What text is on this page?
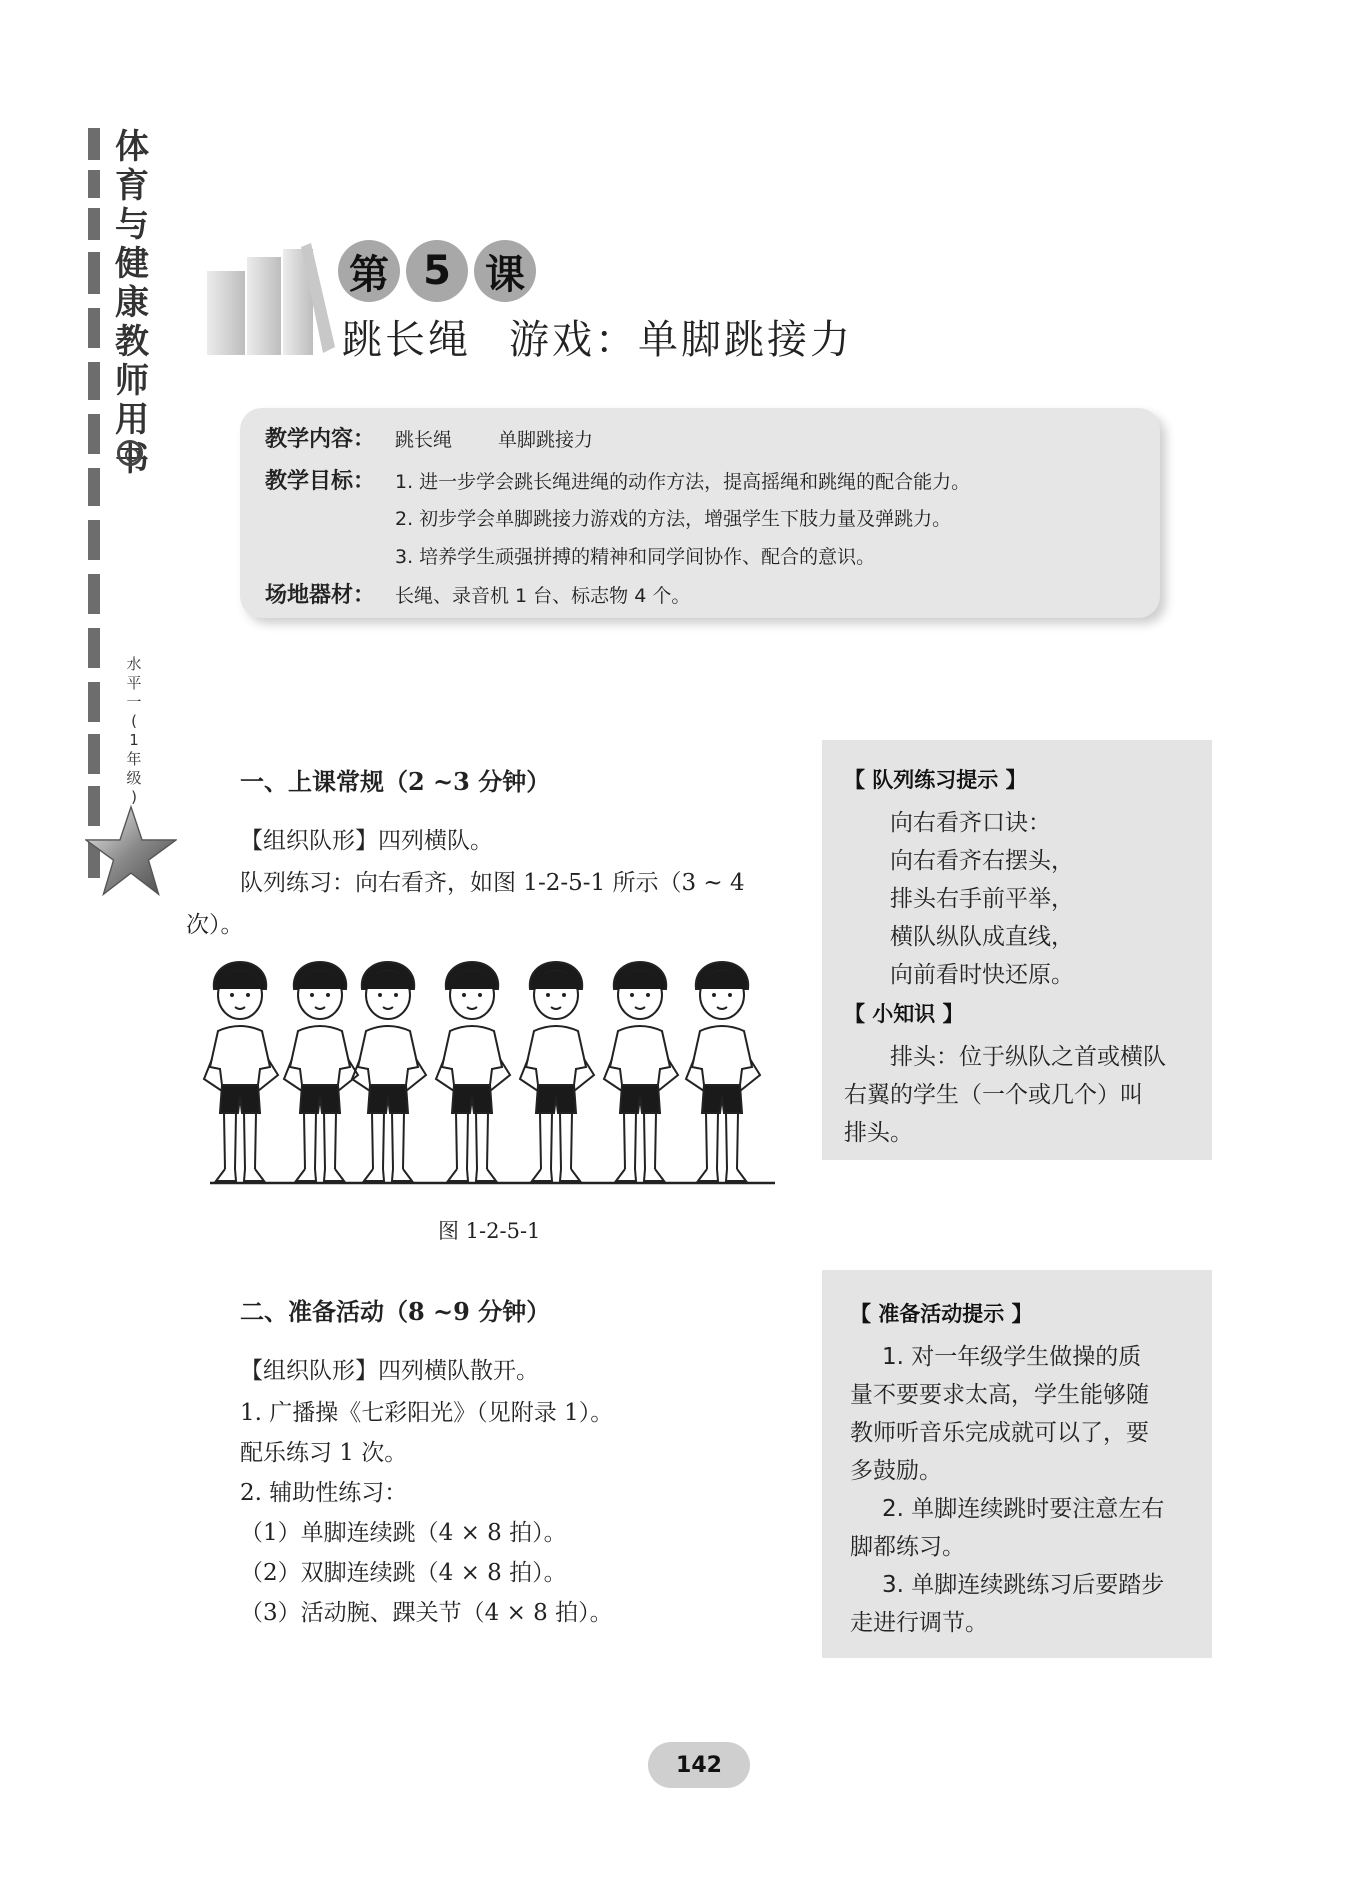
体
育
与
健
康
教
师
用
书
水
平
一
(
1
年
级
)
第 5 课
跳长绳 游戏：单脚跳接力
教学内容：	跳长绳 单脚跳接力
教学目标：	1. 进一步学会跳长绳进绳的动作方法，提高摇绳和跳绳的配合能力。
2. 初步学会单脚跳接力游戏的方法，增强学生下肢力量及弹跳力。
3. 培养学生顽强拼搏的精神和同学间协作、配合的意识。
场地器材：	长绳、录音机 1 台、标志物 4 个。
一、上课常规（2 ~3 分钟）
【组织队形】四列横队。
队列练习：向右看齐，如图 1-2-5-1 所示（3 ~ 4
次）。
图 1-2-5-1
二、准备活动（8 ~9 分钟）
【组织队形】四列横队散开。
1. 广播操《七彩阳光》（见附录 1）。
配乐练习 1 次。
2. 辅助性练习：
（1）单脚连续跳（4 × 8 拍）。
（2）双脚连续跳（4 × 8 拍）。
（3）活动腕、踝关节（4 × 8 拍）。
【 队列练习提示 】
向右看齐口诀：
向右看齐右摆头，
排头右手前平举，
横队纵队成直线，
向前看时快还原。
【 小知识 】
排头：位于纵队之首或横队
右翼的学生（一个或几个）叫
排头。
【 准备活动提示 】
1. 对一年级学生做操的质
量不要要求太高，学生能够随
教师听音乐完成就可以了，要
多鼓励。
2. 单脚连续跳时要注意左右
脚都练习。
3. 单脚连续跳练习后要踏步
走进行调节。
142
